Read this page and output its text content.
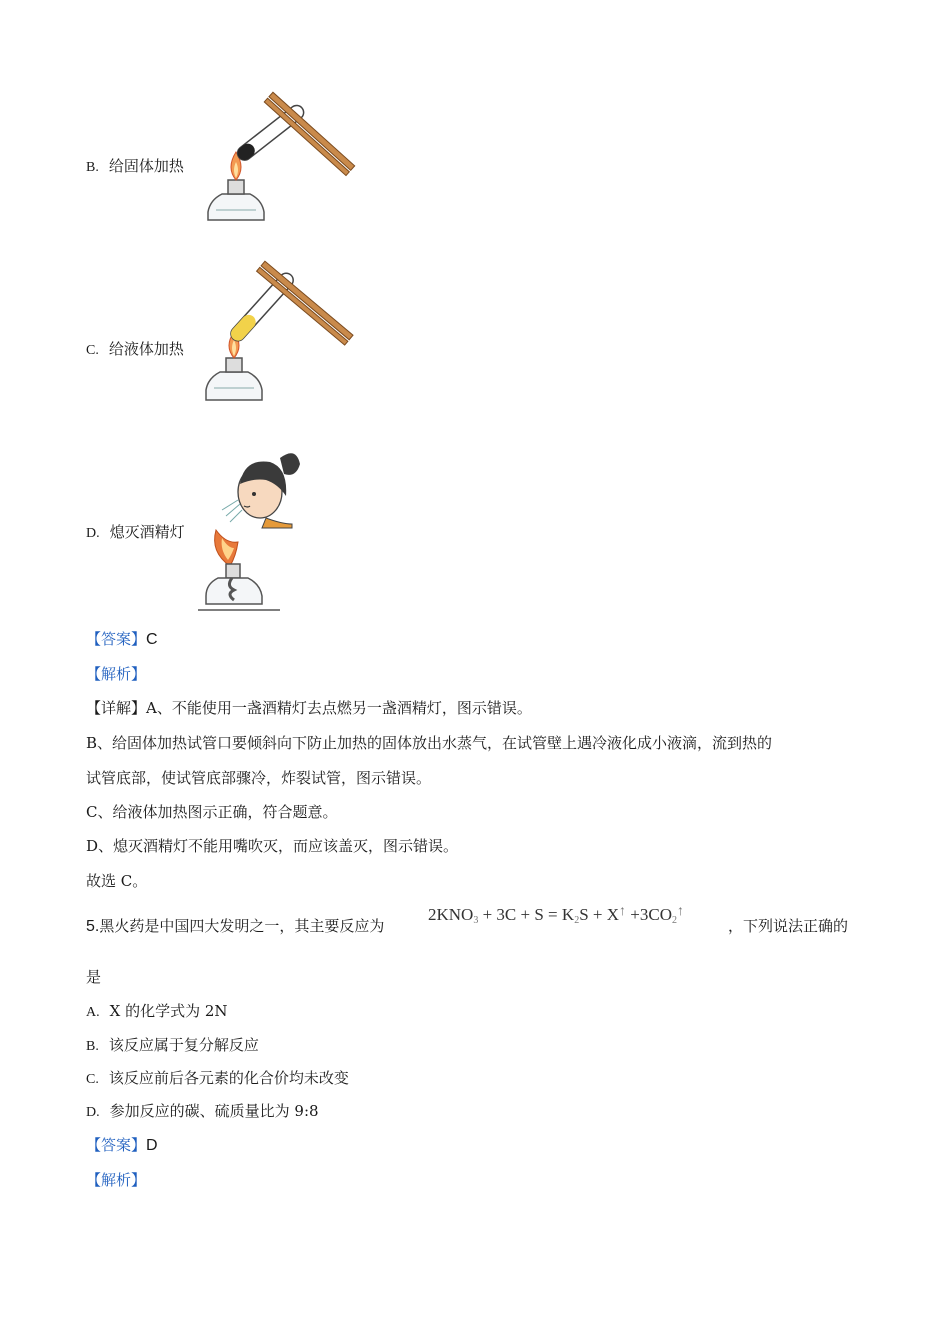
B. 给固体加热
C. 给液体加热
D. 熄灭酒精灯
【答案】C
【解析】
【详解】A、不能使用一盏酒精灯去点燃另一盏酒精灯，图示错误。
B、给固体加热试管口要倾斜向下防止加热的固体放出水蒸气，在试管壁上遇冷液化成小液滴，流到热的
试管底部，使试管底部骤冷，炸裂试管，图示错误。
C、给液体加热图示正确，符合题意。
D、熄灭酒精灯不能用嘴吹灭，而应该盖灭，图示错误。
故选 C。
5.黑火药是中国四大发明之一，其主要反应为
$2KNO_3 + 3C + S = K_2S + X^↑ +3CO_2^↑$
，下列说法正确的
是
A. X 的化学式为 2N
B. 该反应属于复分解反应
C. 该反应前后各元素的化合价均未改变
D. 参加反应的碳、硫质量比为 9:8
【答案】D
【解析】
